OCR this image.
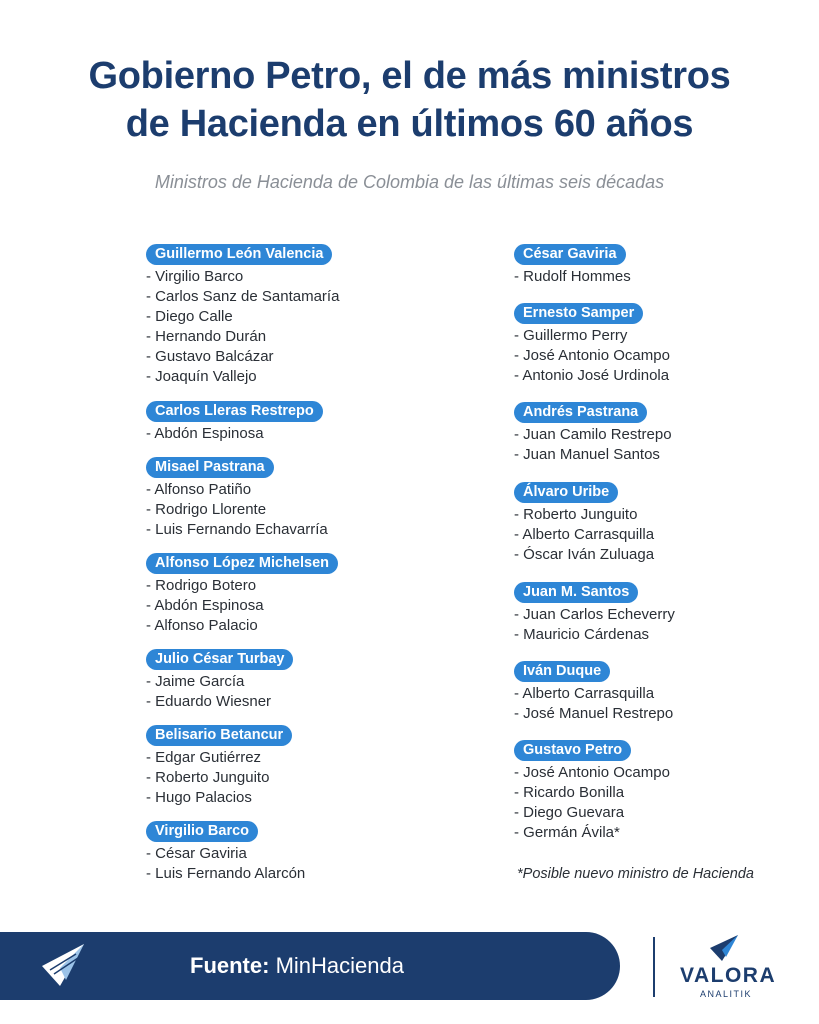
Gobierno Petro, el de más ministros
de Hacienda en últimos 60 años
Ministros de Hacienda de Colombia de las últimas seis décadas
Guillermo León Valencia
- Virgilio Barco
- Carlos Sanz de Santamaría
- Diego Calle
- Hernando Durán
- Gustavo Balcázar
- Joaquín Vallejo
Carlos Lleras Restrepo
- Abdón Espinosa
Misael Pastrana
- Alfonso Patiño
- Rodrigo Llorente
- Luis Fernando Echavarría
Alfonso López Michelsen
- Rodrigo Botero
- Abdón Espinosa
- Alfonso Palacio
Julio César Turbay
- Jaime García
- Eduardo Wiesner
Belisario Betancur
- Edgar Gutiérrez
- Roberto Junguito
- Hugo Palacios
Virgilio Barco
- César Gaviria
- Luis Fernando Alarcón
César Gaviria
- Rudolf Hommes
Ernesto Samper
- Guillermo Perry
- José Antonio Ocampo
- Antonio José Urdinola
Andrés Pastrana
- Juan Camilo Restrepo
- Juan Manuel Santos
Álvaro Uribe
- Roberto Junguito
- Alberto Carrasquilla
- Óscar Iván Zuluaga
Juan M. Santos
- Juan Carlos Echeverry
- Mauricio Cárdenas
Iván Duque
- Alberto Carrasquilla
- José Manuel Restrepo
Gustavo Petro
- José Antonio Ocampo
- Ricardo Bonilla
- Diego Guevara
- Germán Ávila*
*Posible nuevo ministro de Hacienda
Fuente: MinHacienda	VALORA
ANALITIK
